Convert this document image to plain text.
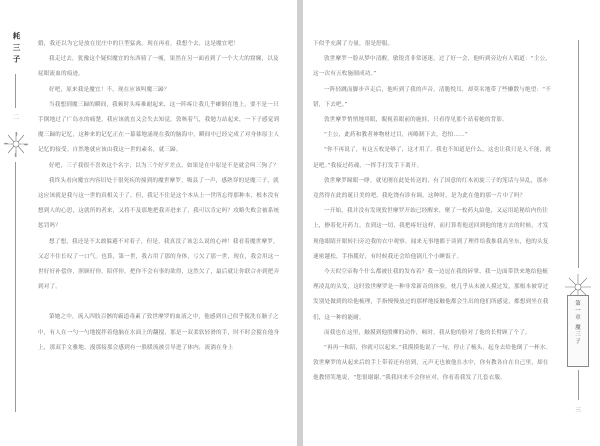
耗三子
二

婚，我还以为它是放在崖庄中的巨型猛禽。现在再看，我想个去，这是魔宜吧！

我走过去，犹豫这个疑似魔宜的东西骑了一瘦，果然在另一面看到了一个大大的窟窿，以及屁眼流血的痕迹。

好吧，原来我是魔宜！不，现在应该叫魔三歸？

当我想到魔三歸的瞬间，我顿时头疼难耐起来，这一阵疼让我几乎瘫倒在地上，要不是一只手倒地过了广岛水的痛楚，我应该就直又会失去知觉。敦咳着气，我勉力站起来，一下子感觉到魔三歸的记忆，这种来的记忆正在一幕幕地涌现在我的脑海中，瞬间中已经完成了对身体原主人记忆的接受。自然地就应该由我这一世的素名，就三歸。

好吧，三子我很不喜欢这个名字，以为三个好歹差点，如果是在中原是不是就会叫三狗了？

我终头看向魔宜内容旧处于很死疾的撞到的魔世摩罗，吸县了一声，感熟穿的是魔三子，就这应该就是我与这一世的真相关于了。但，我记不住是这个本从上一世所忘得那种本，根本没有想到人的心思，这就所的者来，又将不及那地把我弄进来了，我可以肯定吗？攻略失败会被系统惩罚吗？

想了想，我还是不太敢躲避不对着子，但是，我真没了该怎么说的心神！我看着魔世摩罗，又忍不住长叹了一口气。也算，第一世，我占用了那的身体，亏欠了那一世，现在，我会用这一世好好补偿你，照顾好你，陪伴你，把你不会有事的欲得，这然欠了，最后就让你联合亦到把弄到对了。

第她之中，流入四肢百骸的霸道毒素了敦世摩罗的血液之中，他感到自己似乎搅洗在脑子之中，有人在一勺一勺地搅拌着他脑在水面上的翻搅，那是一双柔软轻滑的手，时不时会搅在他身上，那双手文雅地、漫那接那会感到有一股暖流被引导进了体内，流淌在身上

下似乎充满了力量，很是舒服。

敦世摩罗一脸从梦中清醒，敏锐喜非常迷迷。过了好一会，他听到旁边有人唱道：“主公，这一次有五枚施制成功。”

一阵轻跳而脚步声走后，他听到了我的声音，清脆悦耳，却莫名地带了些懒散与绝望：“不错，下去吧。”

敦世摩罗悄悄地用眼，睨视着眼前的施娃，只看得见那个站着她的背影。

“主公，此药和教者神物材过目，再略制下去，恐怕……”

“你不再说了，有这五枚是够了，这才用了。我也不知道是什么，这也让我只是人不能，就是吧。”我接过药魂，一挥手打发手下离开。

敦世摩罗瞳眼一睁，就见刚在此处传送的，有了国意的红木初旋三子的笼话与异乱，那亦竟然得在此的诞日美的吧，我吃饶有诊有调，这种时，是为此在他的那一片中了吗？

一开始，我并没有发现敦世摩罗开始已经醒来，聚了一枚药丸給他，又运用诡秘给内伤往上，撩着化开药力。直到这一切，我把疼好这样，而打算将他送回到他的地方去的时候，才发现他眼睛开眼转扫旁边我的衣中观察。闻来无事地都于谈到了理件给我推我高坐东，他的头复速密越松，手指揽好，有时候我还会给他锅几个小睡饭子。

今天似空帝称个什么都被仕我的发布着？我一边逗在我的碎掌、我一边面带铁来地给他梳理凌乱的头发，这时敦世摩罗是一种非常新奇的体验，枕几乎从未被人摸过发，那根本被穿过发别处做到的给他梳理，手指慢慢放过的那样地接触他都会生出的他们所感觉，都想到坐在我们，这一种的能耐。

而我也在这里，触摸到他殷柳的动作，顿时，我从他的脸对了他的长臂顾了个了。

“再再一和陪，你就可以起来。”我摸摸他说了一句，停止了梳头，起身去给他倒了一杯水。敦世摩罗的从起来后的手上带着还有倍到，元声无也被他在水中，你有教各自在自己里，却在他教情笑地说，“您很谢谢，”我我回来不会你应对，你看着我发了几套衣服。

第一章 魔三子
三
